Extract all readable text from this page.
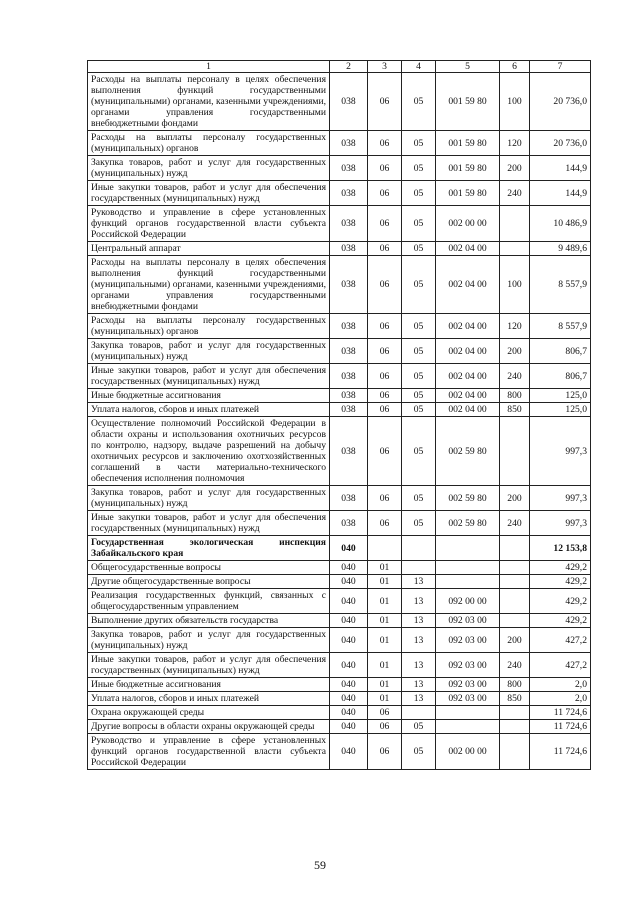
1	2	3	4	5	6	7
Расходы на выплаты персоналу в целях обеспечения выполнения функций государственными (муниципальными) органами, казенными учреждениями, органами управления государственными внебюджетными фондами	038	06	05	001 59 80	100	20 736,0
Расходы на выплаты персоналу государственных (муниципальных) органов	038	06	05	001 59 80	120	20 736,0
Закупка товаров, работ и услуг для государственных (муниципальных) нужд	038	06	05	001 59 80	200	144,9
Иные закупки товаров, работ и услуг для обеспечения государственных (муниципальных) нужд	038	06	05	001 59 80	240	144,9
Руководство и управление в сфере установленных функций органов государственной власти субъекта Российской Федерации	038	06	05	002 00 00		10 486,9
Центральный аппарат	038	06	05	002 04 00		9 489,6
Расходы на выплаты персоналу в целях обеспечения выполнения функций государственными (муниципальными) органами, казенными учреждениями, органами управления государственными внебюджетными фондами	038	06	05	002 04 00	100	8 557,9
Расходы на выплаты персоналу государственных (муниципальных) органов	038	06	05	002 04 00	120	8 557,9
Закупка товаров, работ и услуг для государственных (муниципальных) нужд	038	06	05	002 04 00	200	806,7
Иные закупки товаров, работ и услуг для обеспечения государственных (муниципальных) нужд	038	06	05	002 04 00	240	806,7
Иные бюджетные ассигнования	038	06	05	002 04 00	800	125,0
Уплата налогов, сборов и иных платежей	038	06	05	002 04 00	850	125,0
Осуществление полномочий Российской Федерации в области охраны и использования охотничьих ресурсов по контролю, надзору, выдаче разрешений на добычу охотничьих ресурсов и заключению охотхозяйственных соглашений в части материально-технического обеспечения исполнения полномочия	038	06	05	002 59 80		997,3
Закупка товаров, работ и услуг для государственных (муниципальных) нужд	038	06	05	002 59 80	200	997,3
Иные закупки товаров, работ и услуг для обеспечения государственных (муниципальных) нужд	038	06	05	002 59 80	240	997,3
Государственная экологическая инспекция Забайкальского края	040					12 153,8
Общегосударственные вопросы	040	01				429,2
Другие общегосударственные вопросы	040	01	13			429,2
Реализация государственных функций, связанных с общегосударственным управлением	040	01	13	092 00 00		429,2
Выполнение других обязательств государства	040	01	13	092 03 00		429,2
Закупка товаров, работ и услуг для государственных (муниципальных) нужд	040	01	13	092 03 00	200	427,2
Иные закупки товаров, работ и услуг для обеспечения государственных (муниципальных) нужд	040	01	13	092 03 00	240	427,2
Иные бюджетные ассигнования	040	01	13	092 03 00	800	2,0
Уплата налогов, сборов и иных платежей	040	01	13	092 03 00	850	2,0
Охрана окружающей среды	040	06				11 724,6
Другие вопросы в области охраны окружающей среды	040	06	05			11 724,6
Руководство и управление в сфере установленных функций органов государственной власти субъекта Российской Федерации	040	06	05	002 00 00		11 724,6
59
